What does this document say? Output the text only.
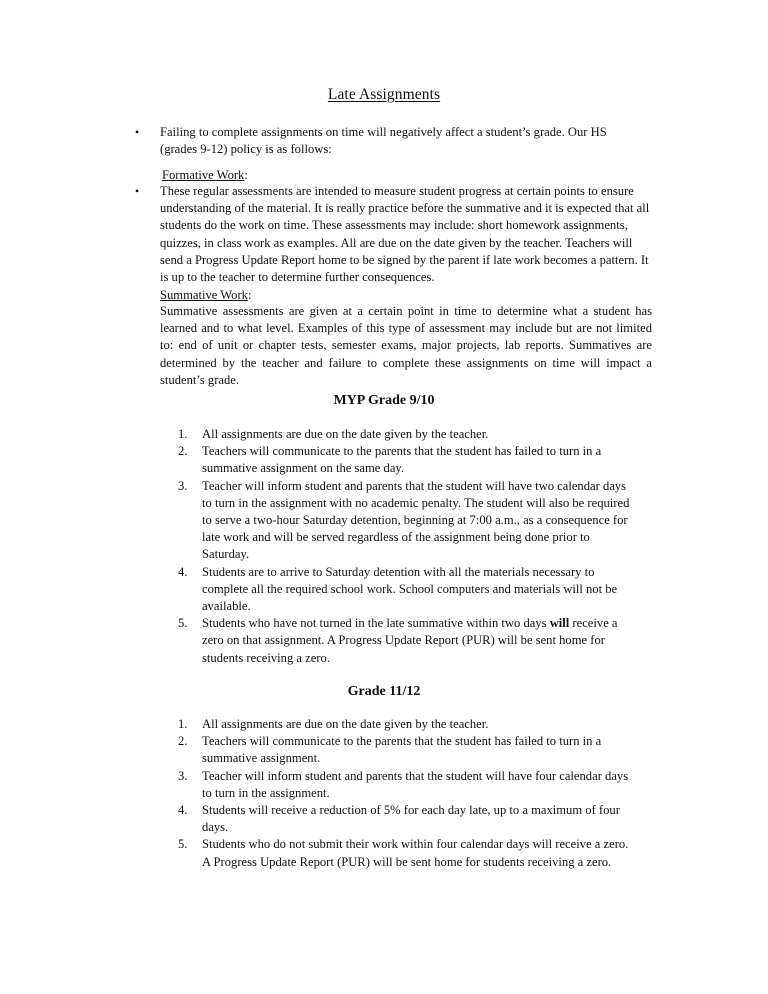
Late Assignments
• Failing to complete assignments on time will negatively affect a student’s grade. Our HS (grades 9-12) policy is as follows:
Formative Work:
• These regular assessments are intended to measure student progress at certain points to ensure understanding of the material. It is really practice before the summative and it is expected that all students do the work on time. These assessments may include: short homework assignments, quizzes, in class work as examples. All are due on the date given by the teacher. Teachers will send a Progress Update Report home to be signed by the parent if late work becomes a pattern. It is up to the teacher to determine further consequences.
Summative Work:
Summative assessments are given at a certain point in time to determine what a student has learned and to what level. Examples of this type of assessment may include but are not limited to: end of unit or chapter tests, semester exams, major projects, lab reports. Summatives are determined by the teacher and failure to complete these assignments on time will impact a student’s grade.
MYP Grade 9/10
1. All assignments are due on the date given by the teacher.
2. Teachers will communicate to the parents that the student has failed to turn in a summative assignment on the same day.
3. Teacher will inform student and parents that the student will have two calendar days to turn in the assignment with no academic penalty. The student will also be required to serve a two-hour Saturday detention, beginning at 7:00 a.m., as a consequence for late work and will be served regardless of the assignment being done prior to Saturday.
4. Students are to arrive to Saturday detention with all the materials necessary to complete all the required school work. School computers and materials will not be available.
5. Students who have not turned in the late summative within two days will receive a zero on that assignment. A Progress Update Report (PUR) will be sent home for students receiving a zero.
Grade 11/12
1. All assignments are due on the date given by the teacher.
2. Teachers will communicate to the parents that the student has failed to turn in a summative assignment.
3. Teacher will inform student and parents that the student will have four calendar days to turn in the assignment.
4. Students will receive a reduction of 5% for each day late, up to a maximum of four days.
5. Students who do not submit their work within four calendar days will receive a zero. A Progress Update Report (PUR) will be sent home for students receiving a zero.
